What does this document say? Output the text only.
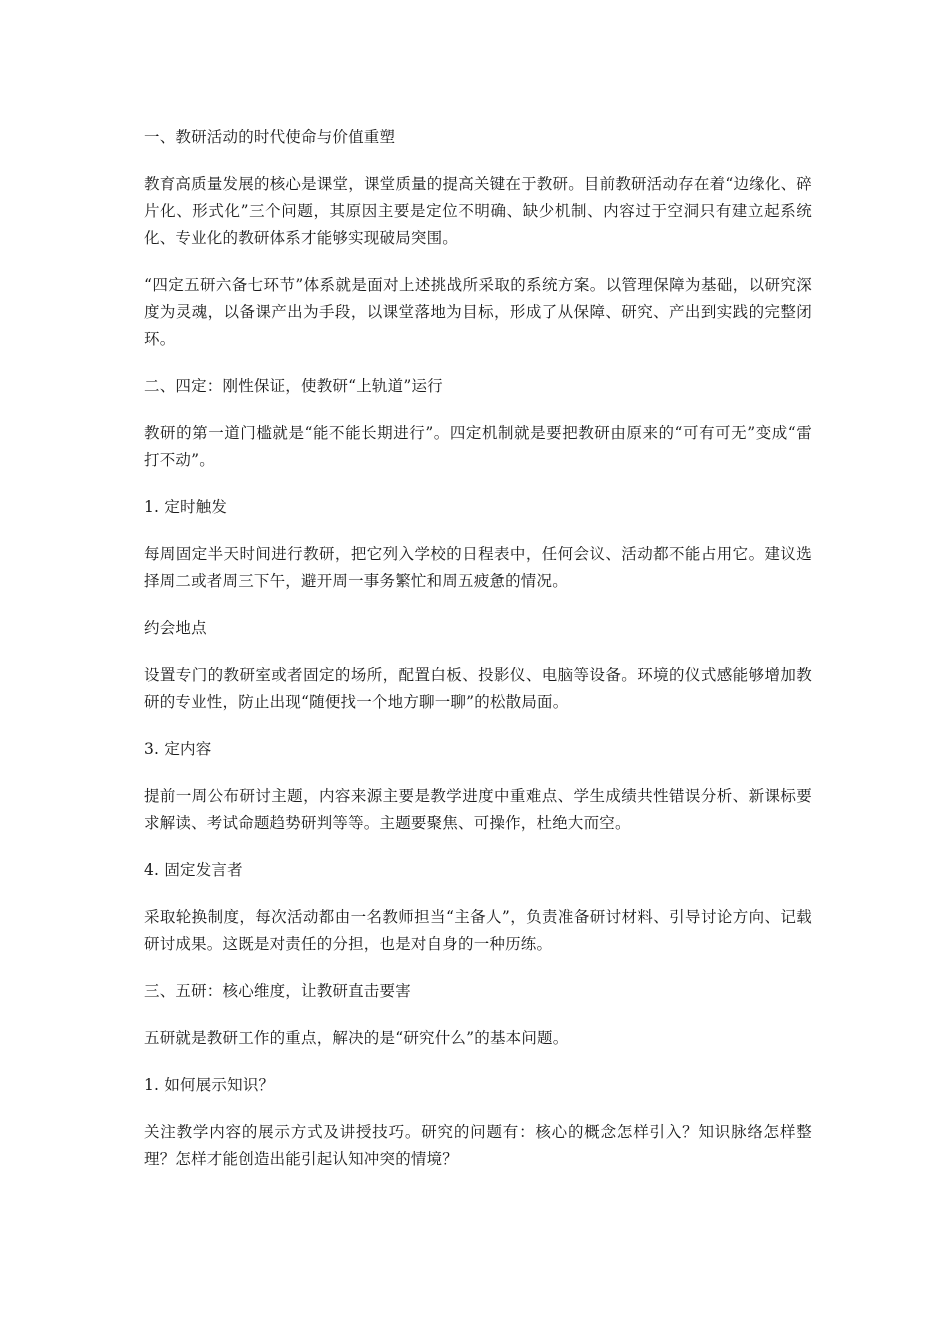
一、教研活动的时代使命与价值重塑

教育高质量发展的核心是课堂，课堂质量的提高关键在于教研。目前教研活动存在着“边缘化、碎片化、形式化”三个问题，其原因主要是定位不明确、缺少机制、内容过于空洞只有建立起系统化、专业化的教研体系才能够实现破局突围。

“四定五研六备七环节”体系就是面对上述挑战所采取的系统方案。以管理保障为基础，以研究深度为灵魂，以备课产出为手段，以课堂落地为目标，形成了从保障、研究、产出到实践的完整闭环。

二、四定：刚性保证，使教研“上轨道”运行

教研的第一道门槛就是“能不能长期进行”。四定机制就是要把教研由原来的“可有可无”变成“雷打不动”。

1. 定时触发

每周固定半天时间进行教研，把它列入学校的日程表中，任何会议、活动都不能占用它。建议选择周二或者周三下午，避开周一事务繁忙和周五疲惫的情况。

约会地点

设置专门的教研室或者固定的场所，配置白板、投影仪、电脑等设备。环境的仪式感能够增加教研的专业性，防止出现“随便找一个地方聊一聊”的松散局面。

3. 定内容

提前一周公布研讨主题，内容来源主要是教学进度中重难点、学生成绩共性错误分析、新课标要求解读、考试命题趋势研判等等。主题要聚焦、可操作，杜绝大而空。

4. 固定发言者

采取轮换制度，每次活动都由一名教师担当“主备人”，负责准备研讨材料、引导讨论方向、记载研讨成果。这既是对责任的分担，也是对自身的一种历练。

三、五研：核心维度，让教研直击要害

五研就是教研工作的重点，解决的是“研究什么”的基本问题。

1. 如何展示知识？

关注教学内容的展示方式及讲授技巧。研究的问题有：核心的概念怎样引入？知识脉络怎样整理？怎样才能创造出能引起认知冲突的情境？
